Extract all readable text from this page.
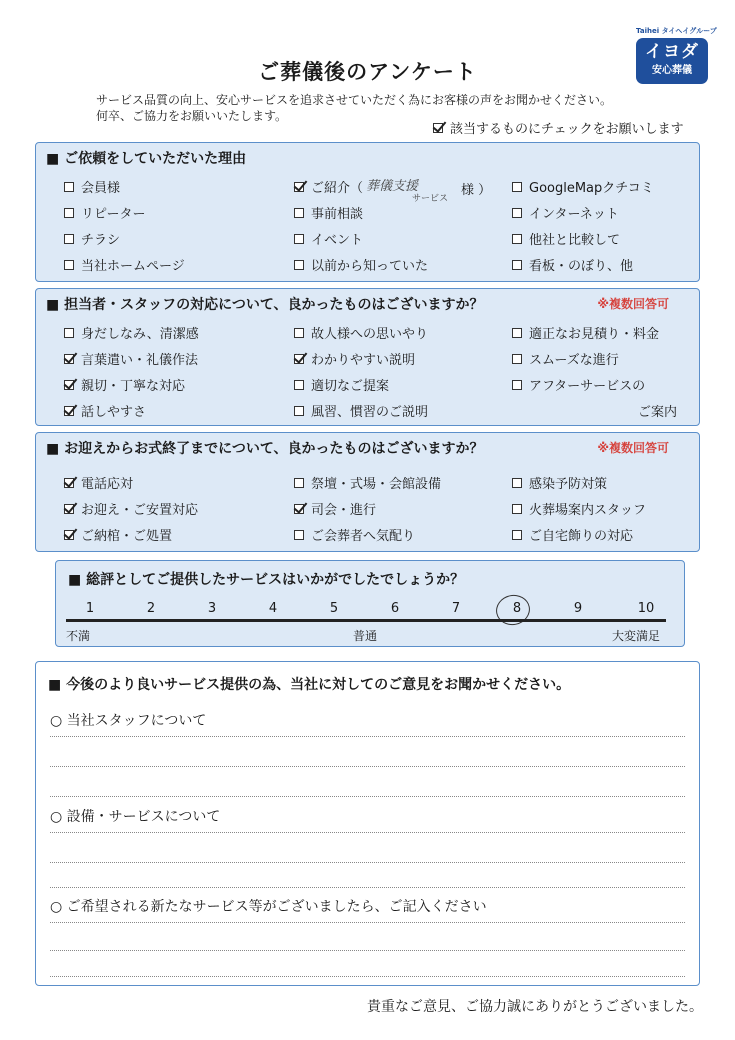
Taihei タイヘイグループ
イヨダ
安心葬儀
ご葬儀後のアンケート
サービス品質の向上、安心サービスを追求させていただく為にお客様の声をお聞かせください。
何卒、ご協力をお願いいたします。
該当するものにチェックをお願いします
■ ご依頼をしていただいた理由
会員様
リピーター
チラシ
当社ホームページ
ご紹介（ 葬儀支援
サービス
様 ）
事前相談
イベント
以前から知っていた
GoogleMapクチコミ
インターネット
他社と比較して
看板・のぼり、他
■ 担当者・スタッフの対応について、良かったものはございますか？	※複数回答可
身だしなみ、清潔感
言葉遣い・礼儀作法
親切・丁寧な対応
話しやすさ
故人様への思いやり
わかりやすい説明
適切なご提案
風習、慣習のご説明
適正なお見積り・料金
スムーズな進行
アフターサービスの
ご案内
■ お迎えからお式終了までについて、良かったものはございますか？	※複数回答可
電話応対
お迎え・ご安置対応
ご納棺・ご処置
祭壇・式場・会館設備
司会・進行
ご会葬者へ気配り
感染予防対策
火葬場案内スタッフ
ご自宅飾りの対応
■ 総評としてご提供したサービスはいかがでしたでしょうか？
1	2	3	4	5	6	7	8	9	10
不満	普通	大変満足
■ 今後のより良いサービス提供の為、当社に対してのご意見をお聞かせください。
○ 当社スタッフについて
○ 設備・サービスについて
○ ご希望される新たなサービス等がございましたら、ご記入ください
貴重なご意見、ご協力誠にありがとうございました。
